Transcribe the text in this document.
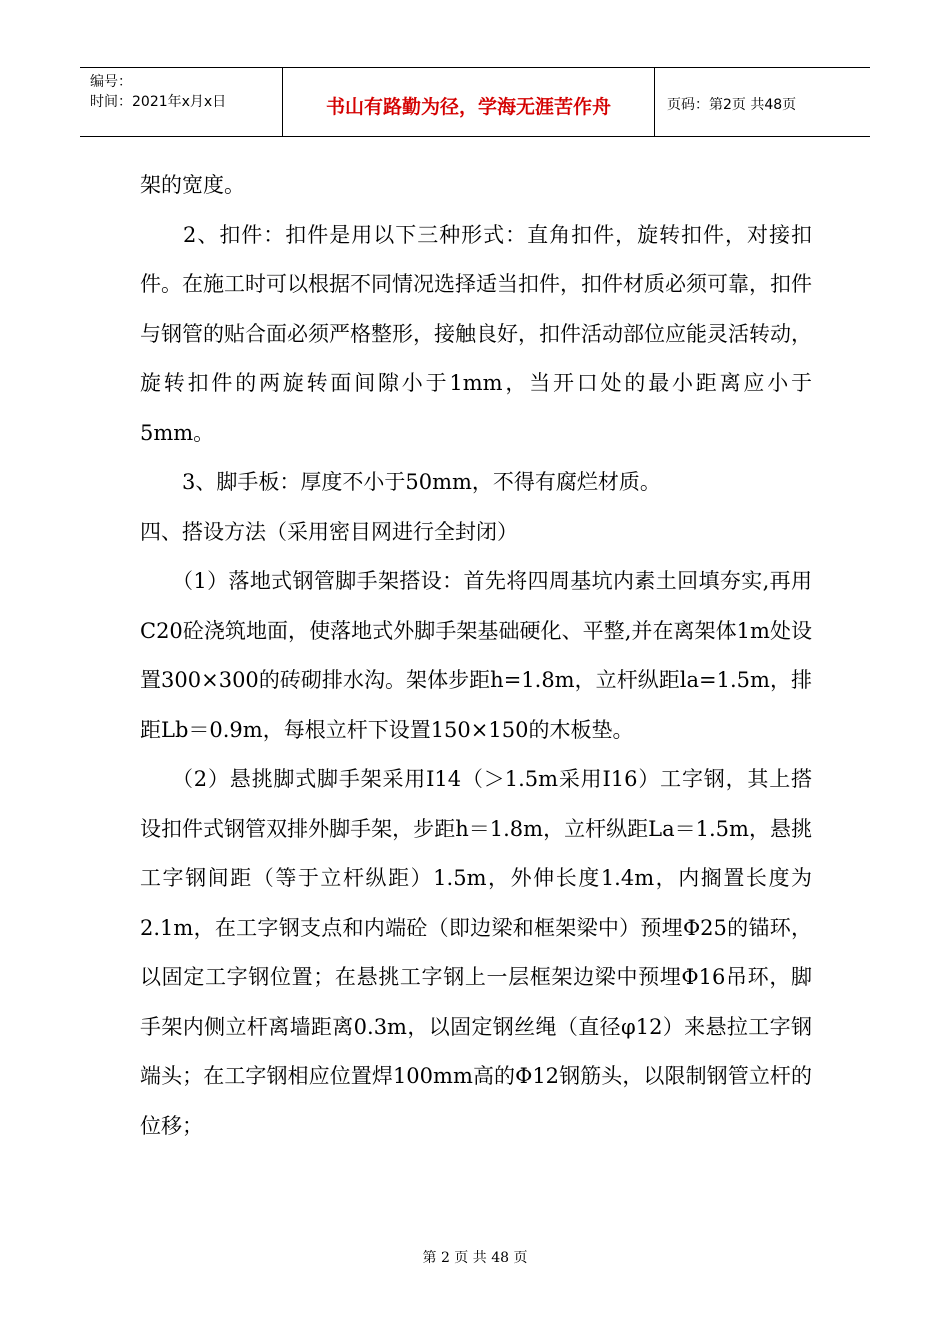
编号：
时间：2021年x月x日	书山有路勤为径，学海无涯苦作舟	页码：第2页 共48页

架的宽度。

　2、扣件：扣件是用以下三种形式：直角扣件，旋转扣件，对接扣件。在施工时可以根据不同情况选择适当扣件，扣件材质必须可靠，扣件与钢管的贴合面必须严格整形，接触良好，扣件活动部位应能灵活转动，旋转扣件的两旋转面间隙小于1mm，当开口处的最小距离应小于5mm。

　3、脚手板：厚度不小于50mm，不得有腐烂材质。

四、搭设方法（采用密目网进行全封闭）

（1）落地式钢管脚手架搭设：首先将四周基坑内素土回填夯实,再用C20砼浇筑地面，使落地式外脚手架基础硬化、平整,并在离架体1m处设置300×300的砖砌排水沟。架体步距h=1.8m，立杆纵距la=1.5m，排距Lb＝0.9m，每根立杆下设置150×150的木板垫。

（2）悬挑脚式脚手架采用I14（＞1.5m采用I16）工字钢，其上搭设扣件式钢管双排外脚手架，步距h＝1.8m，立杆纵距La＝1.5m，悬挑工字钢间距（等于立杆纵距）1.5m，外伸长度1.4m，内搁置长度为2.1m，在工字钢支点和内端砼（即边梁和框架梁中）预埋Φ25的锚环，以固定工字钢位置；在悬挑工字钢上一层框架边梁中预埋Φ16吊环，脚手架内侧立杆离墙距离0.3m，以固定钢丝绳（直径φ12）来悬拉工字钢端头；在工字钢相应位置焊100mm高的Φ12钢筋头，以限制钢管立杆的位移；

第 2 页 共 48 页
